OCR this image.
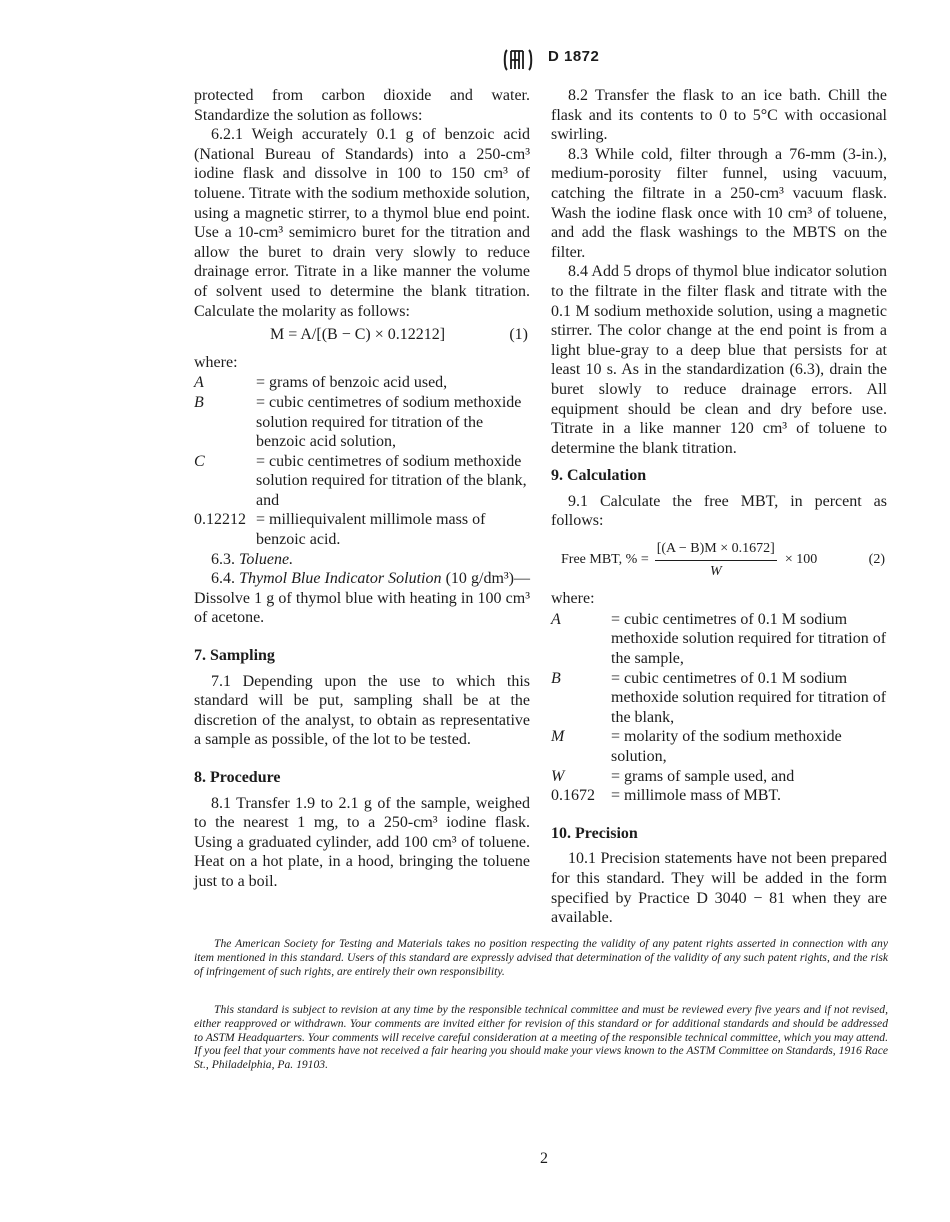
D 1872

protected from carbon dioxide and water. Standardize the solution as follows:

6.2.1 Weigh accurately 0.1 g of benzoic acid (National Bureau of Standards) into a 250-cm³ iodine flask and dissolve in 100 to 150 cm³ of toluene. Titrate with the sodium methoxide solution, using a magnetic stirrer, to a thymol blue end point. Use a 10-cm³ semimicro buret for the titration and allow the buret to drain very slowly to reduce drainage error. Titrate in a like manner the volume of solvent used to determine the blank titration. Calculate the molarity as follows:

M = A/[(B − C) × 0.12212]	(1)

where:

A	= grams of benzoic acid used,
B	= cubic centimetres of sodium methoxide solution required for titration of the benzoic acid solution,
C	= cubic centimetres of sodium methoxide solution required for titration of the blank, and
0.12212 = milliequivalent millimole mass of benzoic acid.

6.3. Toluene.

6.4. Thymol Blue Indicator Solution (10 g/dm³)—Dissolve 1 g of thymol blue with heating in 100 cm³ of acetone.

7. Sampling

7.1 Depending upon the use to which this standard will be put, sampling shall be at the discretion of the analyst, to obtain as representative a sample as possible, of the lot to be tested.

8. Procedure

8.1 Transfer 1.9 to 2.1 g of the sample, weighed to the nearest 1 mg, to a 250-cm³ iodine flask. Using a graduated cylinder, add 100 cm³ of toluene. Heat on a hot plate, in a hood, bringing the toluene just to a boil.

8.2 Transfer the flask to an ice bath. Chill the flask and its contents to 0 to 5°C with occasional swirling.

8.3 While cold, filter through a 76-mm (3-in.), medium-porosity filter funnel, using vacuum, catching the filtrate in a 250-cm³ vacuum flask. Wash the iodine flask once with 10 cm³ of toluene, and add the flask washings to the MBTS on the filter.

8.4 Add 5 drops of thymol blue indicator solution to the filtrate in the filter flask and titrate with the 0.1 M sodium methoxide solution, using a magnetic stirrer. The color change at the end point is from a light blue-gray to a deep blue that persists for at least 10 s. As in the standardization (6.3), drain the buret slowly to reduce drainage errors. All equipment should be clean and dry before use. Titrate in a like manner 120 cm³ of toluene to determine the blank titration.

9. Calculation

9.1 Calculate the free MBT, in percent as follows:

Free MBT, % = $\frac{[(A - B)M \times 0.1672]}{W} \times 100$	(2)

where:

A	= cubic centimetres of 0.1 M sodium methoxide solution required for titration of the sample,
B	= cubic centimetres of 0.1 M sodium methoxide solution required for titration of the blank,
M	= molarity of the sodium methoxide solution,
W	= grams of sample used, and
0.1672	= millimole mass of MBT.

10. Precision

10.1 Precision statements have not been prepared for this standard. They will be added in the form specified by Practice D 3040 − 81 when they are available.

The American Society for Testing and Materials takes no position respecting the validity of any patent rights asserted in connection with any item mentioned in this standard. Users of this standard are expressly advised that determination of the validity of any such patent rights, and the risk of infringement of such rights, are entirely their own responsibility.

This standard is subject to revision at any time by the responsible technical committee and must be reviewed every five years and if not revised, either reapproved or withdrawn. Your comments are invited either for revision of this standard or for additional standards and should be addressed to ASTM Headquarters. Your comments will receive careful consideration at a meeting of the responsible technical committee, which you may attend. If you feel that your comments have not received a fair hearing you should make your views known to the ASTM Committee on Standards, 1916 Race St., Philadelphia, Pa. 19103.

2
